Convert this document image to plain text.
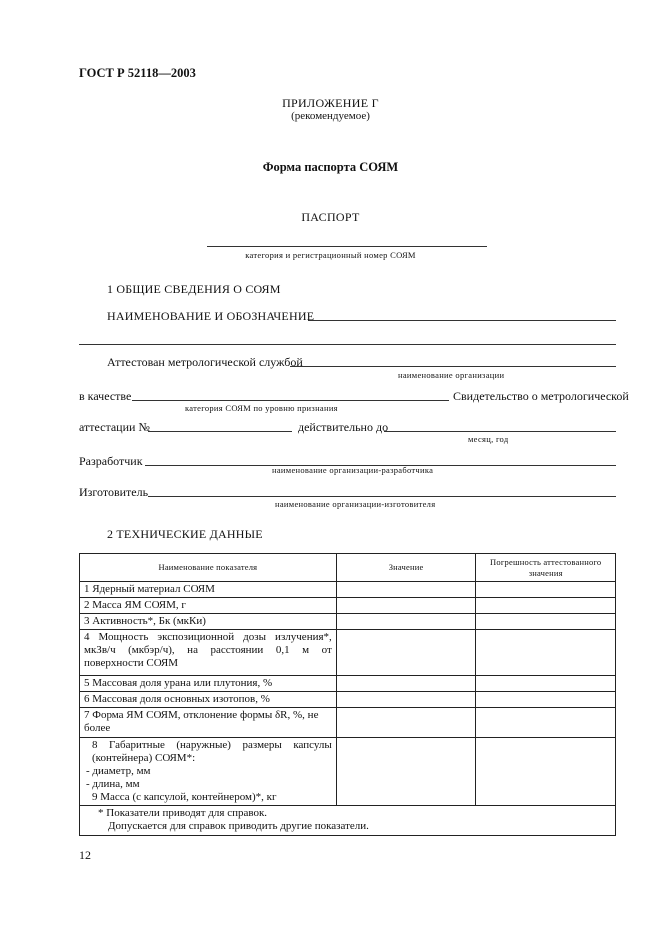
ГОСТ Р 52118—2003
ПРИЛОЖЕНИЕ Г
(рекомендуемое)
Форма паспорта СОЯМ
ПАСПОРТ
категория и регистрационный номер СОЯМ
1 ОБЩИЕ СВЕДЕНИЯ О СОЯМ
НАИМЕНОВАНИЕ И ОБОЗНАЧЕНИЕ
Аттестован метрологической службой
наименование организации
в качестве	Свидетельство о метрологической
категория СОЯМ по уровню признания
аттестации №	действительно до
месяц, год
Разработчик
наименование организации-разработчика
Изготовитель
наименование организации-изготовителя
2 ТЕХНИЧЕСКИЕ ДАННЫЕ
Наименование показателя	Значение	Погрешность аттестованного значения
1 Ядерный материал СОЯМ		
2 Масса ЯМ СОЯМ, г		
3 Активность*, Бк (мкКи)		
4 Мощность экспозиционной дозы излучения*, мкЗв/ч (мкбэр/ч), на расстоянии 0,1 м от поверхности СОЯМ		
5 Массовая доля урана или плутония, %		
6 Массовая доля основных изотопов, %		
7 Форма ЯМ СОЯМ, отклонение формы δR, %, не более		

8 Габаритные (наружные) размеры капсулы (контейнера) СОЯМ*:
- диаметр, мм
- длина, мм
9 Масса (с капсулой, контейнером)*, кг		

* Показатели приводят для справок.
Допускается для справок приводить другие показатели.		
12
